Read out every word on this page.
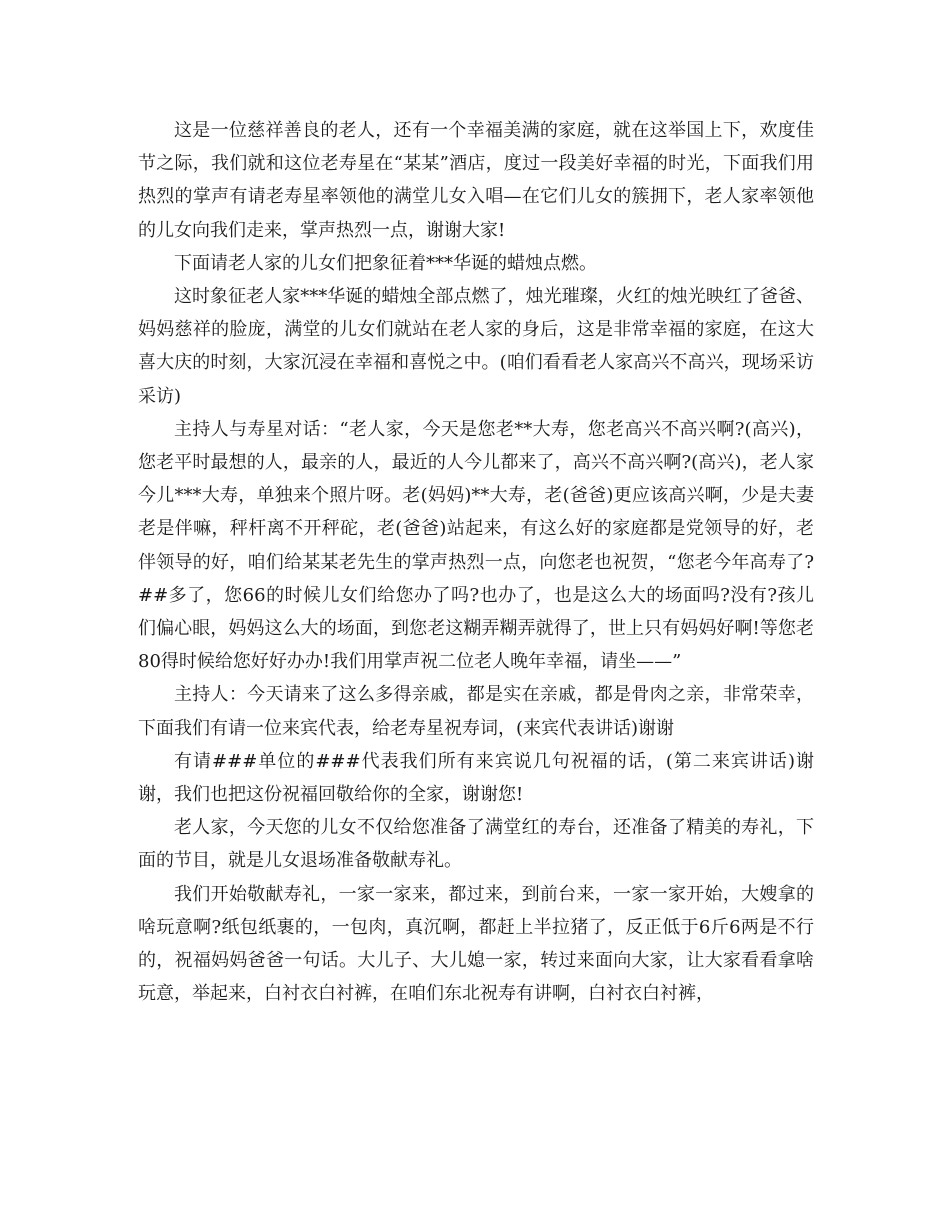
这是一位慈祥善良的老人，还有一个幸福美满的家庭，就在这举国上下，欢度佳节之际，我们就和这位老寿星在“某某”酒店，度过一段美好幸福的时光，下面我们用热烈的掌声有请老寿星率领他的满堂儿女入唱—在它们儿女的簇拥下，老人家率领他的儿女向我们走来，掌声热烈一点，谢谢大家!

下面请老人家的儿女们把象征着***华诞的蜡烛点燃。

这时象征老人家***华诞的蜡烛全部点燃了，烛光璀璨，火红的烛光映红了爸爸、妈妈慈祥的脸庞，满堂的儿女们就站在老人家的身后，这是非常幸福的家庭，在这大喜大庆的时刻，大家沉浸在幸福和喜悦之中。(咱们看看老人家高兴不高兴，现场采访采访)

主持人与寿星对话：“老人家，今天是您老**大寿，您老高兴不高兴啊?(高兴)，您老平时最想的人，最亲的人，最近的人今儿都来了，高兴不高兴啊?(高兴)，老人家今儿***大寿，单独来个照片呀。老(妈妈)**大寿，老(爸爸)更应该高兴啊，少是夫妻老是伴嘛，秤杆离不开秤砣，老(爸爸)站起来，有这么好的家庭都是党领导的好，老伴领导的好，咱们给某某老先生的掌声热烈一点，向您老也祝贺，“您老今年高寿了?##多了，您66的时候儿女们给您办了吗?也办了，也是这么大的场面吗?没有?孩儿们偏心眼，妈妈这么大的场面，到您老这糊弄糊弄就得了，世上只有妈妈好啊!等您老80得时候给您好好办办!我们用掌声祝二位老人晚年幸福，请坐——”

主持人：今天请来了这么多得亲戚，都是实在亲戚，都是骨肉之亲，非常荣幸，下面我们有请一位来宾代表，给老寿星祝寿词，(来宾代表讲话)谢谢

有请###单位的###代表我们所有来宾说几句祝福的话，(第二来宾讲话)谢谢，我们也把这份祝福回敬给你的全家，谢谢您!

老人家，今天您的儿女不仅给您准备了满堂红的寿台，还准备了精美的寿礼，下面的节目，就是儿女退场准备敬献寿礼。

我们开始敬献寿礼，一家一家来，都过来，到前台来，一家一家开始，大嫂拿的啥玩意啊?纸包纸裹的，一包肉，真沉啊，都赶上半拉猪了，反正低于6斤6两是不行的，祝福妈妈爸爸一句话。大儿子、大儿媳一家，转过来面向大家，让大家看看拿啥玩意，举起来，白衬衣白衬裤，在咱们东北祝寿有讲啊，白衬衣白衬裤，
